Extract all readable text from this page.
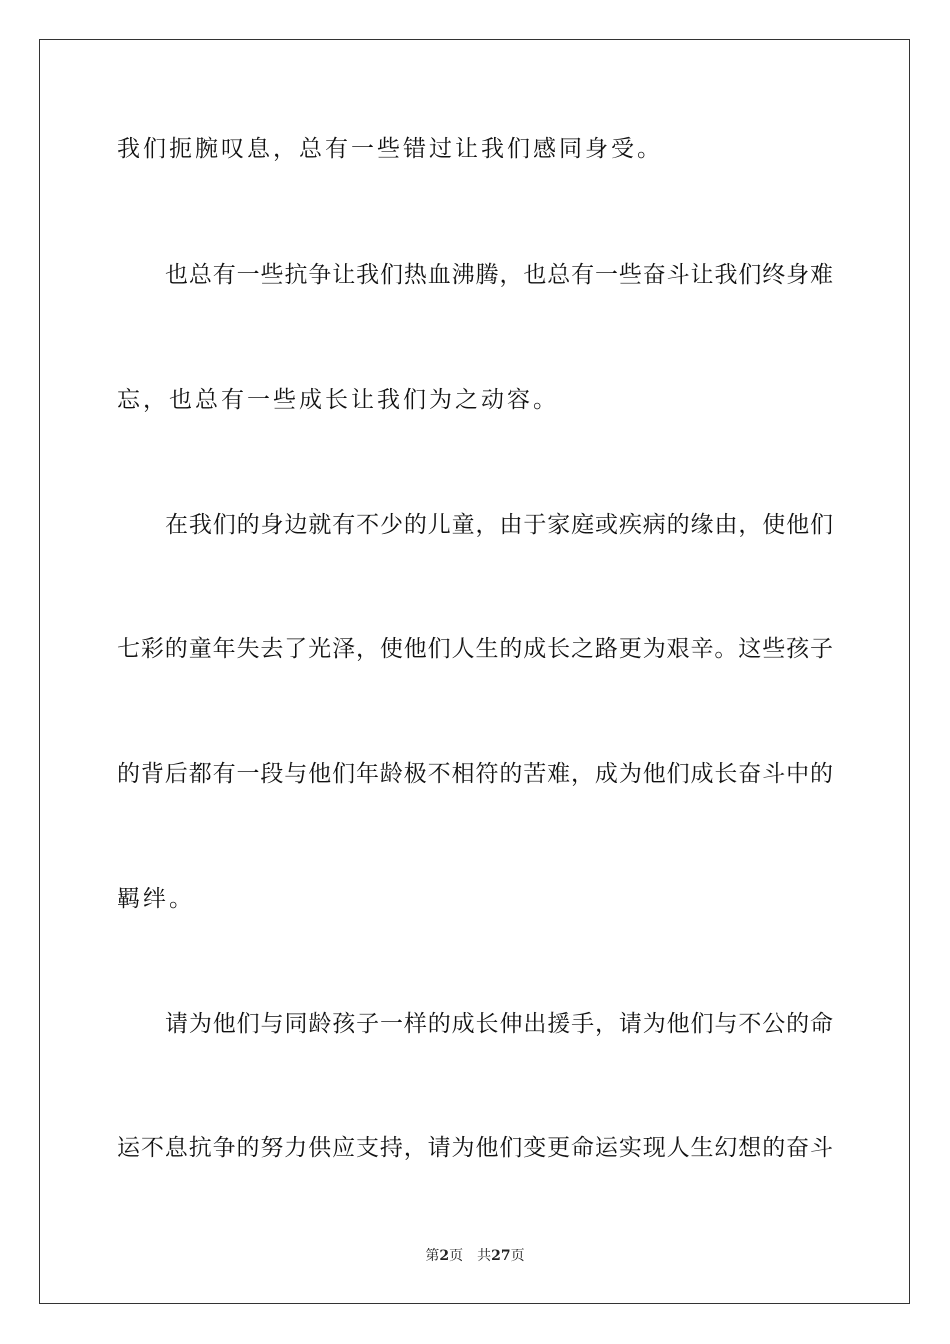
我们扼腕叹息，总有一些错过让我们感同身受。
也总有一些抗争让我们热血沸腾，也总有一些奋斗让我们终身难
忘，也总有一些成长让我们为之动容。
在我们的身边就有不少的儿童，由于家庭或疾病的缘由，使他们
七彩的童年失去了光泽，使他们人生的成长之路更为艰辛。这些孩子
的背后都有一段与他们年龄极不相符的苦难，成为他们成长奋斗中的
羁绊。
请为他们与同龄孩子一样的成长伸出援手，请为他们与不公的命
运不息抗争的努力供应支持，请为他们变更命运实现人生幻想的奋斗
第2页 共27页
